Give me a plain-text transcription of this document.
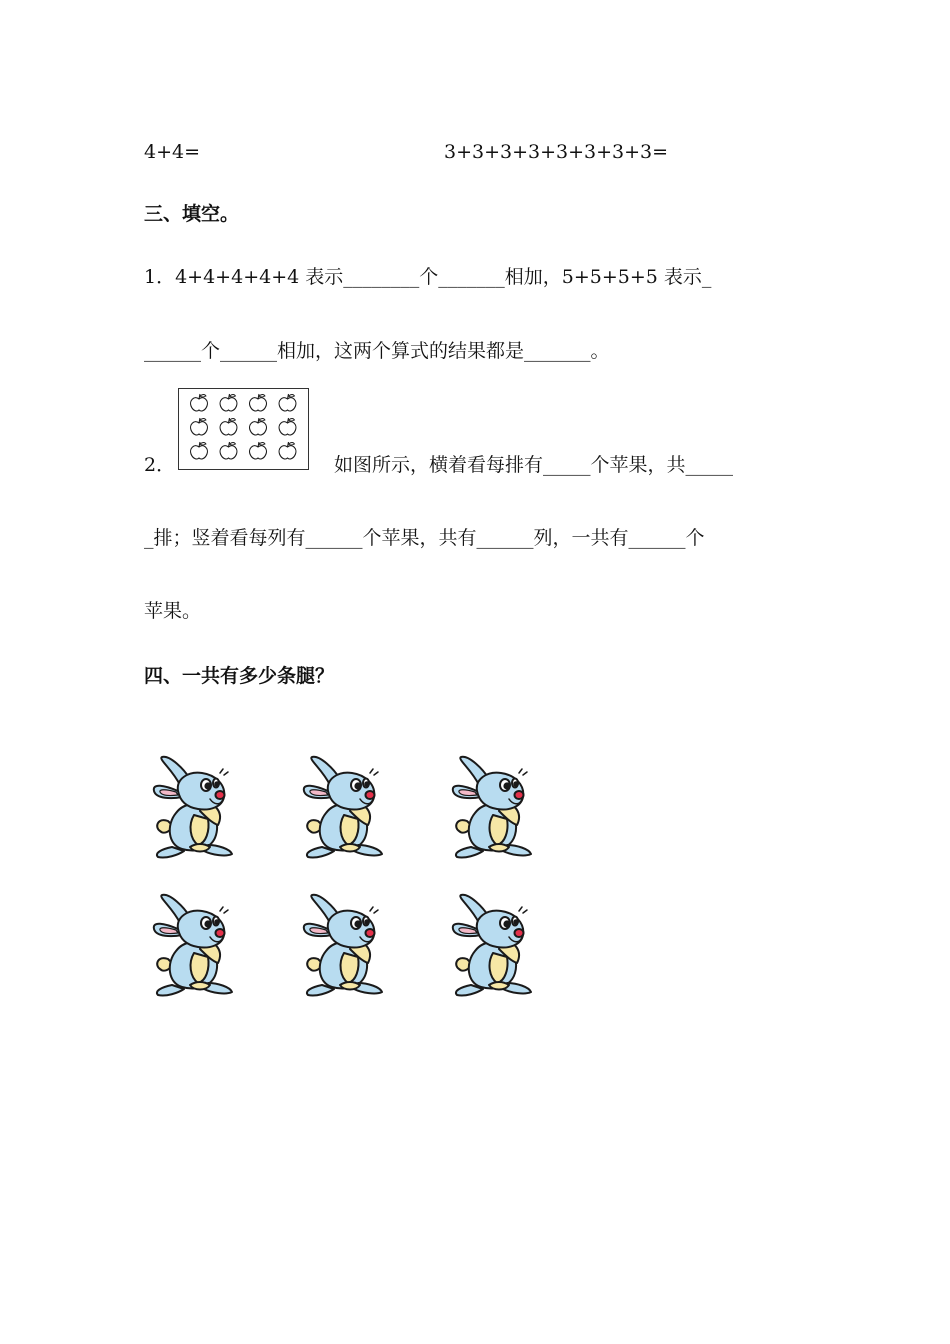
4+4=	3+3+3+3+3+3+3+3=
三、填空。
1．4+4+4+4+4 表示________个_______相加，5+5+5+5 表示_
______个______相加，这两个算式的结果都是_______。
2．	如图所示，横着看每排有_____个苹果，共_____
_排；竖着看每列有______个苹果，共有______列，一共有______个
苹果。
四、一共有多少条腿？
